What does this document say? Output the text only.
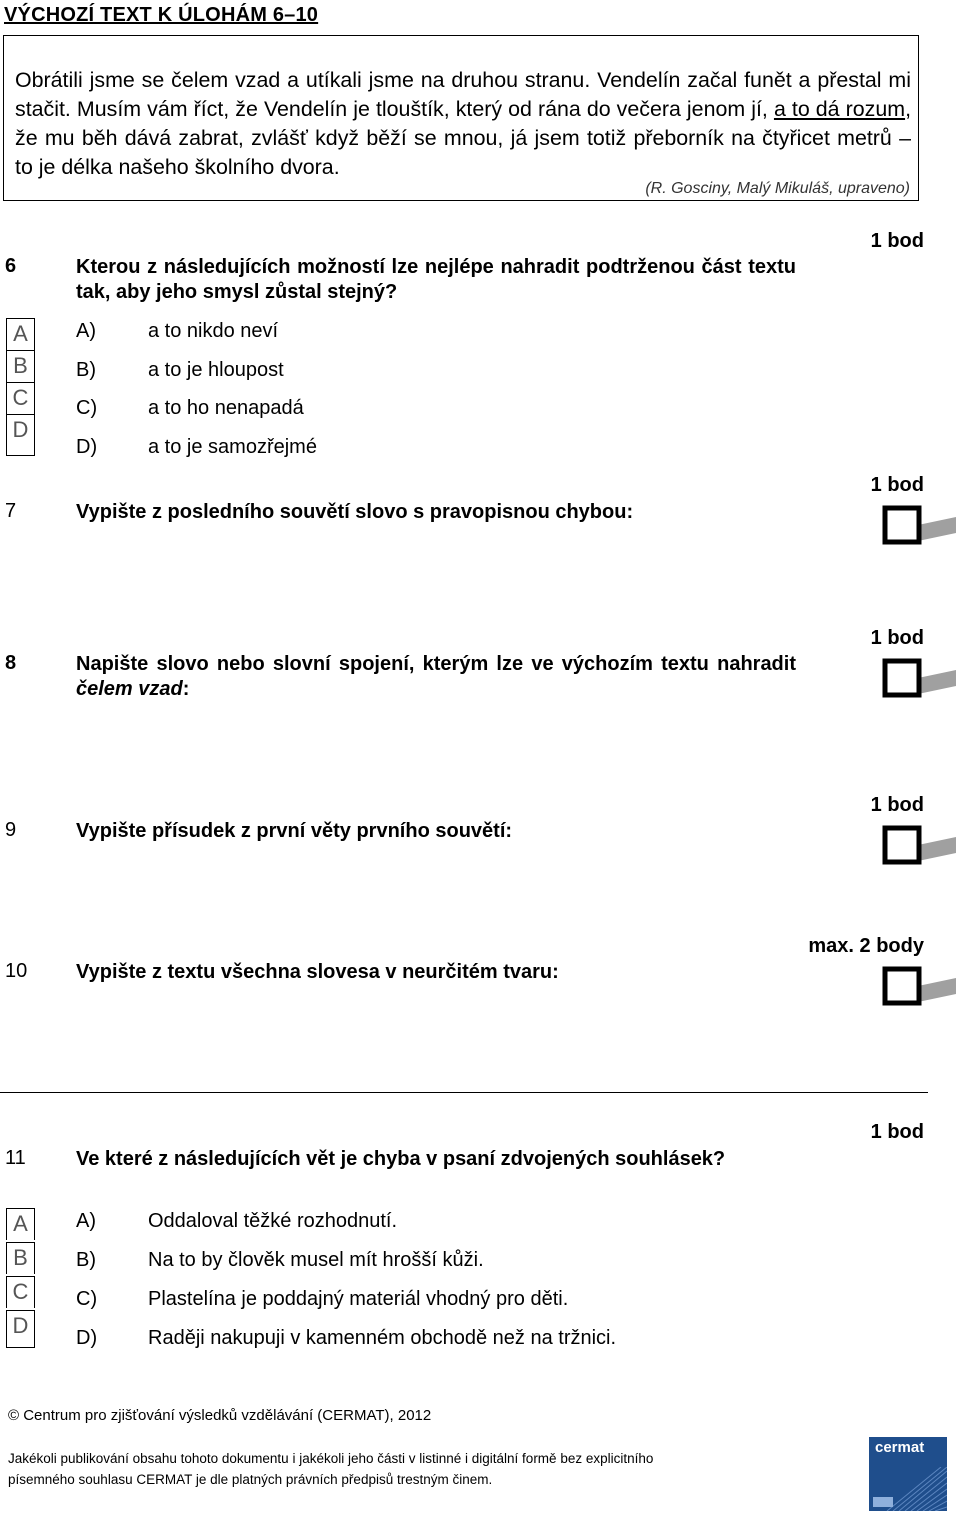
VÝCHOZÍ TEXT K ÚLOHÁM 6–10

Obrátili jsme se čelem vzad a utíkali jsme na druhou stranu. Vendelín začal funět a přestal mi stačit. Musím vám říct, že Vendelín je tlouštík, který od rána do večera jenom jí, a to dá rozum, že mu běh dává zabrat, zvlášť když běží se mnou, já jsem totiž přeborník na čtyřicet metrů – to je délka našeho školního dvora.

(R. Gosciny, Malý Mikuláš, upraveno)
1 bod
6	Kterou z následujících možností lze nejlépe nahradit podtrženou část textu tak, aby jeho smysl zůstal stejný?
A
B
C
D
A)	a to nikdo neví
B)	a to je hloupost
C)	a to ho nenapadá
D)	a to je samozřejmé
1 bod
7	Vypište z posledního souvětí slovo s pravopisnou chybou:
1 bod
8	Napište slovo nebo slovní spojení, kterým lze ve výchozím textu nahradit čelem vzad:
1 bod
9	Vypište přísudek z první věty prvního souvětí:
max. 2 body
10 Vypište z textu všechna slovesa v neurčitém tvaru:
1 bod
11	Ve které z následujících vět je chyba v psaní zdvojených souhlásek?
A
B
C
D
A)	Oddaloval těžké rozhodnutí.
B)	Na to by člověk musel mít hrošší kůži.
C)	Plastelína je poddajný materiál vhodný pro děti.
D)	Raději nakupuji v kamenném obchodě než na tržnici.
© Centrum pro zjišťování výsledků vzdělávání (CERMAT), 2012
Jakékoli publikování obsahu tohoto dokumentu i jakékoli jeho části v listinné i digitální formě bez explicitního
písemného souhlasu CERMAT je dle platných právních předpisů trestným činem.
cermat
